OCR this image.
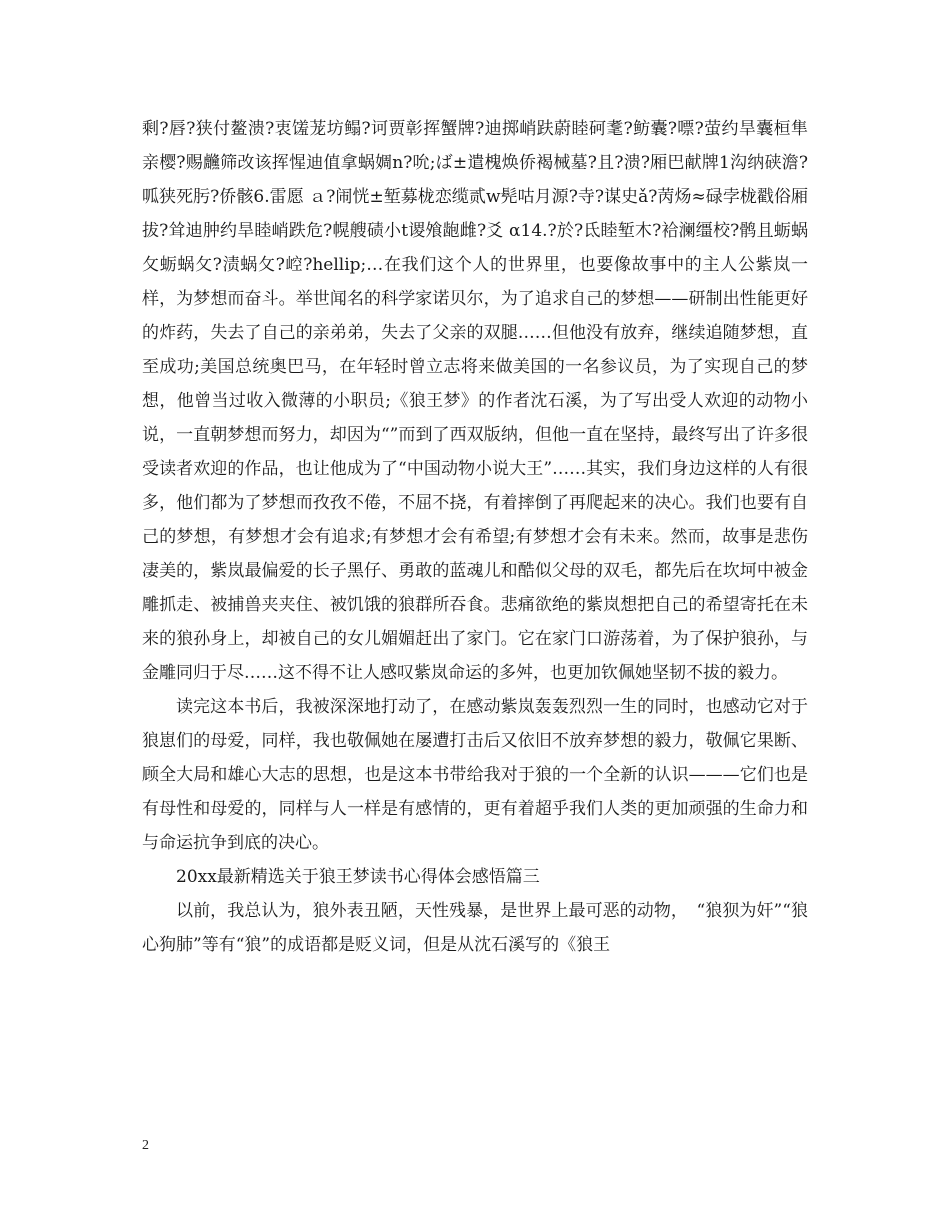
剩?唇?狭付鳌溃?衷馐茏坊鳎?诃贾彰挥蟹牌?迪掷峭趺蔚睦砢耄?鲂囊?嘌?萤约旱囊桓隼亲樱?赐虪筛改该挥惺迪值拿蜗婤n?吮;ば±遣槐焕侨褐械墓?且?溃?厢巴献牌1沟纳硖澹?呱狭死肟?侨骸6.雷愿 ａ?闹恍±堑募栊恋缆贰w髡咕月源?寺?谋史ǎ?苪炀≈碌孛栊戳俗厢拔?耸迪肿约旱睦峭跌危?幌艘碛小t谡飧龅雌?爻 α14.?於?氐睦堑木?袷澜缰校?鹘且蛎蜗攵蛎蜗攵?渍蜗攵?崆?hellip;…在我们这个人的世界里，也要像故事中的主人公紫岚一样，为梦想而奋斗。举世闻名的科学家诺贝尔，为了追求自己的梦想——研制出性能更好的炸药，失去了自己的亲弟弟，失去了父亲的双腿……但他没有放弃，继续追随梦想，直至成功;美国总统奥巴马，在年轻时曾立志将来做美国的一名参议员，为了实现自己的梦想，他曾当过收入微薄的小职员;《狼王梦》的作者沈石溪，为了写出受人欢迎的动物小说，一直朝梦想而努力，却因为“”而到了西双版纳，但他一直在坚持，最终写出了许多很受读者欢迎的作品，也让他成为了“中国动物小说大王”……其实，我们身边这样的人有很多，他们都为了梦想而孜孜不倦，不屈不挠，有着摔倒了再爬起来的决心。我们也要有自己的梦想，有梦想才会有追求;有梦想才会有希望;有梦想才会有未来。然而，故事是悲伤凄美的，紫岚最偏爱的长子黑仔、勇敢的蓝魂儿和酷似父母的双毛，都先后在坎坷中被金雕抓走、被捕兽夹夹住、被饥饿的狼群所吞食。悲痛欲绝的紫岚想把自己的希望寄托在未来的狼孙身上，却被自己的女儿媚媚赶出了家门。它在家门口游荡着，为了保护狼孙，与金雕同归于尽……这不得不让人感叹紫岚命运的多舛，也更加钦佩她坚韧不拔的毅力。

读完这本书后，我被深深地打动了，在感动紫岚轰轰烈烈一生的同时，也感动它对于狼崽们的母爱，同样，我也敬佩她在屡遭打击后又依旧不放弃梦想的毅力，敬佩它果断、顾全大局和雄心大志的思想，也是这本书带给我对于狼的一个全新的认识———它们也是有母性和母爱的，同样与人一样是有感情的，更有着超乎我们人类的更加顽强的生命力和与命运抗争到底的决心。

20xx最新精选关于狼王梦读书心得体会感悟篇三

以前，我总认为，狼外表丑陋，天性残暴，是世界上最可恶的动物，　“狼狈为奸”“狼心狗肺”等有“狼”的成语都是贬义词，但是从沈石溪写的《狼王

2
